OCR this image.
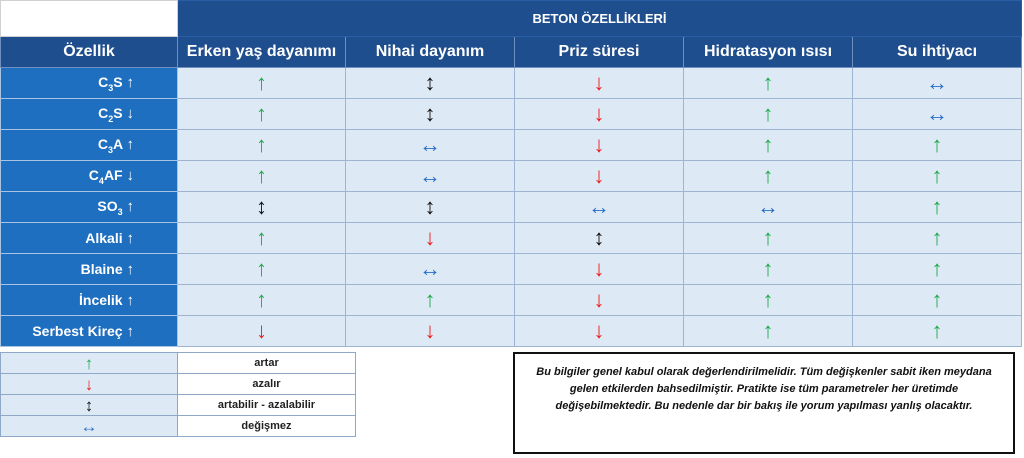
	BETON ÖZELLİKLERİ				
Özellik	Erken yaş dayanımı	Nihai dayanım	Priz süresi	Hidratasyon ısısı	Su ihtiyacı
$C_3S$ ↑	↑	↕	↓	↑	↔
$C_2S$ ↓	↑	↕	↓	↑	↔
$C_3A$ ↑	↑	↔	↓	↑	↑
$C_4AF$ ↓	↑	↔	↓	↑	↑
$SO_3$ ↑	↕	↕	↔	↔	↑
Alkali ↑	↑	↓	↕	↑	↑
Blaine ↑	↑	↔	↓	↑	↑
İncelik ↑	↑	↑	↓	↑	↑
Serbest Kireç ↑	↓	↓	↓	↑	↑
↑	artar
↓	azalır
↕	artabilir - azalabilir
↔	değişmez
Bu bilgiler genel kabul olarak değerlendirilmelidir. Tüm değişkenler sabit iken meydana gelen etkilerden bahsedilmiştir. Pratikte ise tüm parametreler her üretimde değişebilmektedir. Bu nedenle dar bir bakış ile yorum yapılması yanlış olacaktır.
